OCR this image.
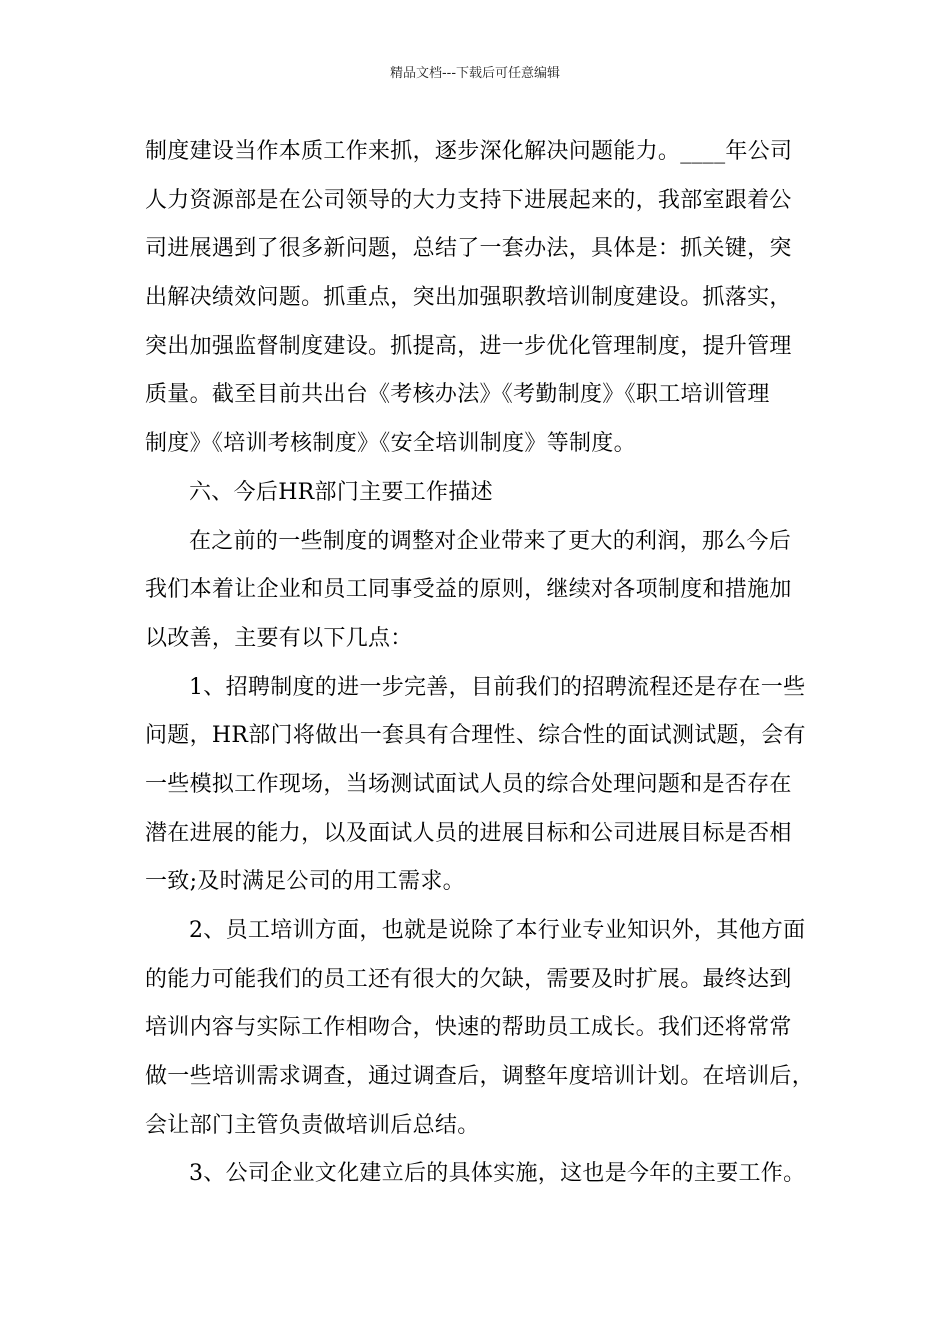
精品文档---下载后可任意编辑
制度建设当作本质工作来抓，逐步深化解决问题能力。____年公司
人力资源部是在公司领导的大力支持下进展起来的，我部室跟着公
司进展遇到了很多新问题，总结了一套办法，具体是：抓关键，突
出解决绩效问题。抓重点，突出加强职教培训制度建设。抓落实，
突出加强监督制度建设。抓提高，进一步优化管理制度，提升管理
质量。截至目前共出台《考核办法》《考勤制度》《职工培训管理
制度》《培训考核制度》《安全培训制度》等制度。
六、今后HR部门主要工作描述
在之前的一些制度的调整对企业带来了更大的利润，那么今后
我们本着让企业和员工同事受益的原则，继续对各项制度和措施加
以改善，主要有以下几点：
1、招聘制度的进一步完善，目前我们的招聘流程还是存在一些
问题，HR部门将做出一套具有合理性、综合性的面试测试题，会有
一些模拟工作现场，当场测试面试人员的综合处理问题和是否存在
潜在进展的能力，以及面试人员的进展目标和公司进展目标是否相
一致;及时满足公司的用工需求。
2、员工培训方面，也就是说除了本行业专业知识外，其他方面
的能力可能我们的员工还有很大的欠缺，需要及时扩展。最终达到
培训内容与实际工作相吻合，快速的帮助员工成长。我们还将常常
做一些培训需求调查，通过调查后，调整年度培训计划。在培训后，
会让部门主管负责做培训后总结。
3、公司企业文化建立后的具体实施，这也是今年的主要工作。
